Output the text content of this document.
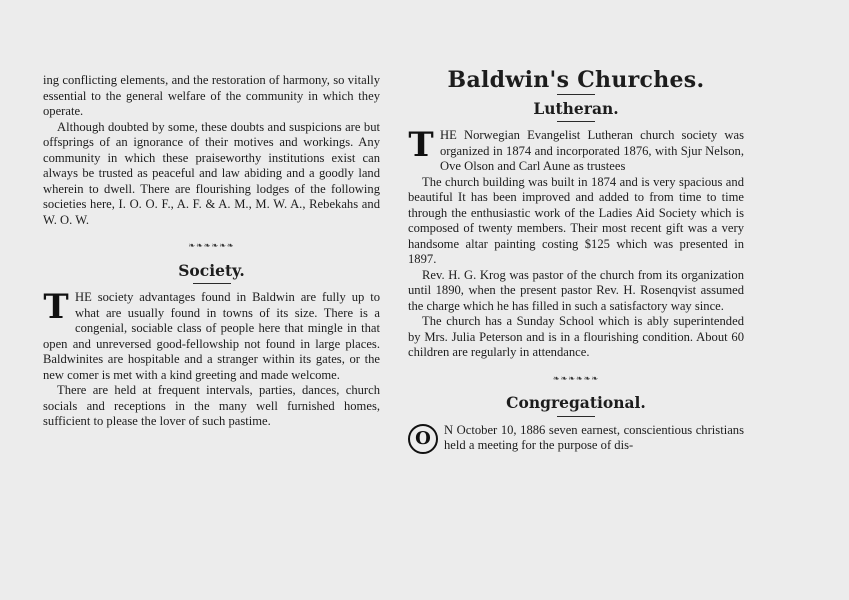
ing conflicting elements, and the restoration of harmony, so vitally essential to the general welfare of the community in which they operate.

Although doubted by some, these doubts and suspicions are but offsprings of an ignorance of their motives and workings. Any community in which these praiseworthy institutions exist can always be trusted as peaceful and law abiding and a goodly land wherein to dwell. There are flourishing lodges of the following societies here, I. O. O. F., A. F. & A. M., M. W. A., Rebekahs and W. O. W.

❧❧❧❧❧❧
Society.

THE society advantages found in Baldwin are fully up to what are usually found in towns of its size. There is a congenial, sociable class of people here that mingle in that open and unreversed good-fellowship not found in large places. Baldwinites are hospitable and a stranger within its gates, or the new comer is met with a kind greeting and made welcome.

There are held at frequent intervals, parties, dances, church socials and receptions in the many well furnished homes, sufficient to please the lover of such pastime.

Baldwin's Churches.
Lutheran.

THE Norwegian Evangelist Lutheran church society was organized in 1874 and incorporated 1876, with Sjur Nelson, Ove Olson and Carl Aune as trustees

The church building was built in 1874 and is very spacious and beautiful It has been improved and added to from time to time through the enthusiastic work of the Ladies Aid Society which is composed of twenty members. Their most recent gift was a very handsome altar painting costing $125 which was presented in 1897.

Rev. H. G. Krog was pastor of the church from its organization until 1890, when the present pastor Rev. H. Rosenqvist assumed the charge which he has filled in such a satisfactory way since.

The church has a Sunday School which is ably superintended by Mrs. Julia Peterson and is in a flourishing condition. About 60 children are regularly in attendance.

❧❧❧❧❧❧
Congregational.

O	N October 10, 1886 seven earnest, conscientious christians held a meeting for the purpose of dis-
